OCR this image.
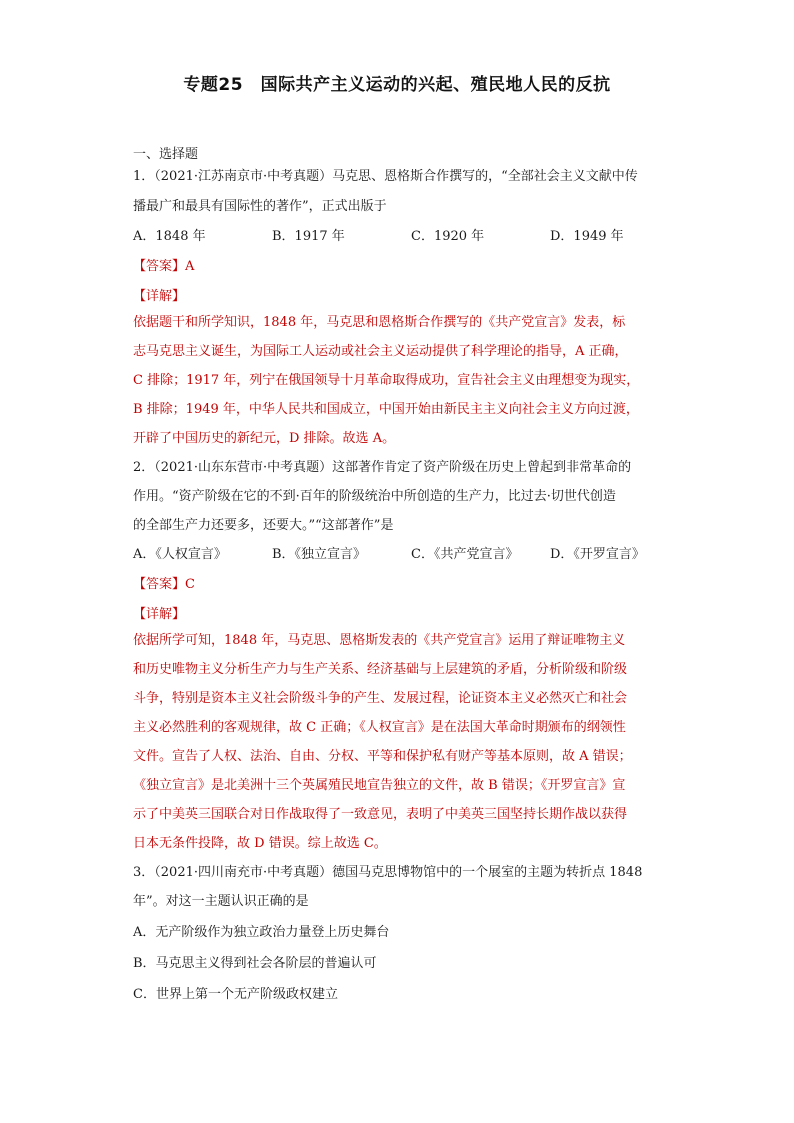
专题25　国际共产主义运动的兴起、殖民地人民的反抗

一、选择题

1．（2021·江苏南京市·中考真题）马克思、恩格斯合作撰写的，“全部社会主义文献中传

播最广和最具有国际性的著作”，正式出版于

A．1848 年	B．1917 年	C．1920 年	D．1949 年
【答案】A
【详解】

依据题干和所学知识，1848 年，马克思和恩格斯合作撰写的《共产党宣言》发表，标

志马克思主义诞生，为国际工人运动或社会主义运动提供了科学理论的指导，A 正确，

C 排除；1917 年，列宁在俄国领导十月革命取得成功，宣告社会主义由理想变为现实，

B 排除；1949 年，中华人民共和国成立，中国开始由新民主主义向社会主义方向过渡，

开辟了中国历史的新纪元，D 排除。故选 A。

2．（2021·山东东营市·中考真题）这部著作肯定了资产阶级在历史上曾起到非常革命的

作用。“资产阶级在它的不到·百年的阶级统治中所创造的生产力，比过去·切世代创造

的全部生产力还要多，还要大。”“这部著作”是

A．《人权宣言》	B．《独立宣言》	C．《共产党宣言》	D．《开罗宣言》
【答案】C
【详解】

依据所学可知，1848 年，马克思、恩格斯发表的《共产党宣言》运用了辩证唯物主义

和历史唯物主义分析生产力与生产关系、经济基础与上层建筑的矛盾，分析阶级和阶级

斗争，特别是资本主义社会阶级斗争的产生、发展过程，论证资本主义必然灭亡和社会

主义必然胜利的客观规律，故 C 正确；《人权宣言》是在法国大革命时期颁布的纲领性

文件。宣告了人权、法治、自由、分权、平等和保护私有财产等基本原则，故 A 错误；

《独立宣言》是北美洲十三个英属殖民地宣告独立的文件，故 B 错误；《开罗宣言》宣

示了中美英三国联合对日作战取得了一致意见，表明了中美英三国坚持长期作战以获得

日本无条件投降，故 D 错误。综上故选 C。

3．（2021·四川南充市·中考真题）德国马克思博物馆中的一个展室的主题为转折点 1848

年”。对这一主题认识正确的是

A．无产阶级作为独立政治力量登上历史舞台

B．马克思主义得到社会各阶层的普遍认可

C．世界上第一个无产阶级政权建立
